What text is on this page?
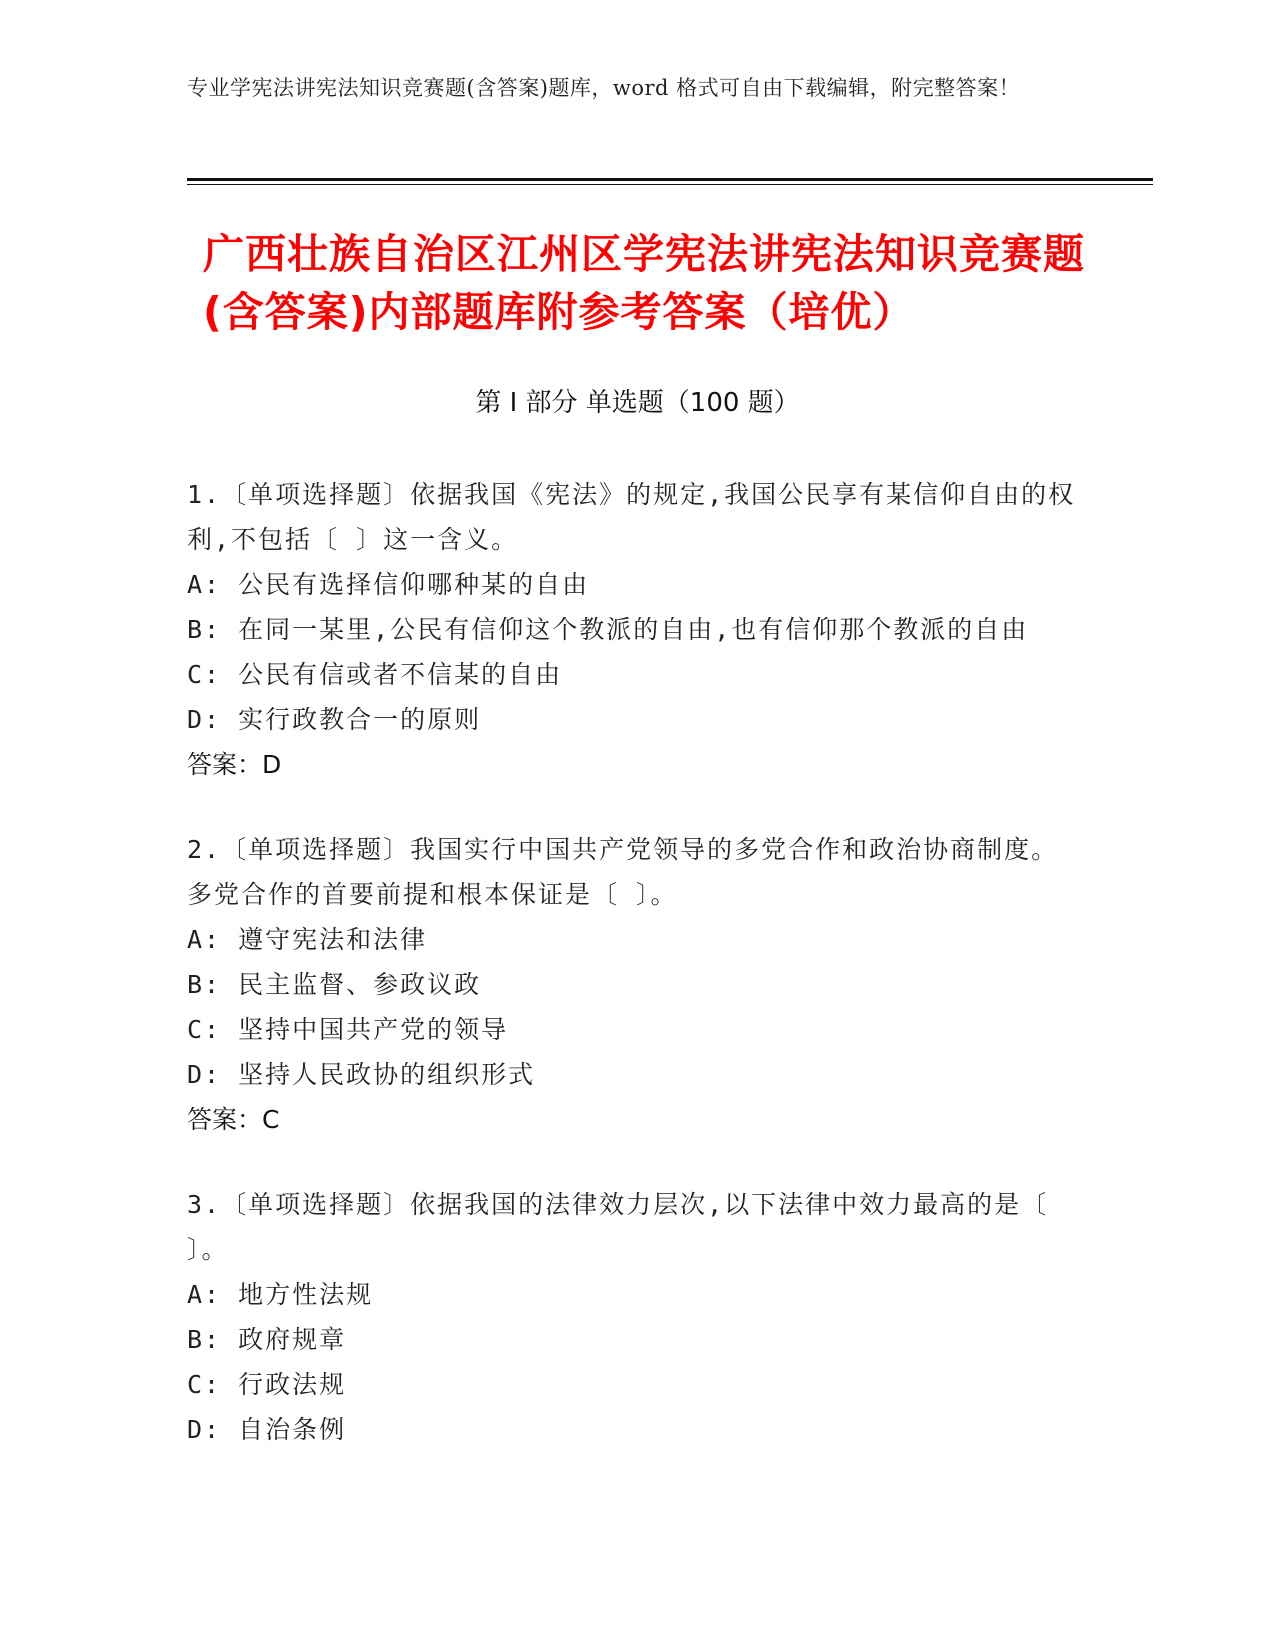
专业学宪法讲宪法知识竞赛题(含答案)题库，word 格式可自由下载编辑，附完整答案！
广西壮族自治区江州区学宪法讲宪法知识竞赛题(含答案)内部题库附参考答案（培优）
第 I 部分 单选题（100 题）
1.〔单项选择题〕依据我国《宪法》的规定,我国公民享有某信仰自由的权利,不包括〔 〕这一含义。
A: 公民有选择信仰哪种某的自由
B: 在同一某里,公民有信仰这个教派的自由,也有信仰那个教派的自由
C: 公民有信或者不信某的自由
D: 实行政教合一的原则
答案：D
2.〔单项选择题〕我国实行中国共产党领导的多党合作和政治协商制度。多党合作的首要前提和根本保证是〔 〕。
A: 遵守宪法和法律
B: 民主监督、参政议政
C: 坚持中国共产党的领导
D: 坚持人民政协的组织形式
答案：C
3.〔单项选择题〕依据我国的法律效力层次,以下法律中效力最高的是〔 〕。
A: 地方性法规
B: 政府规章
C: 行政法规
D: 自治条例
